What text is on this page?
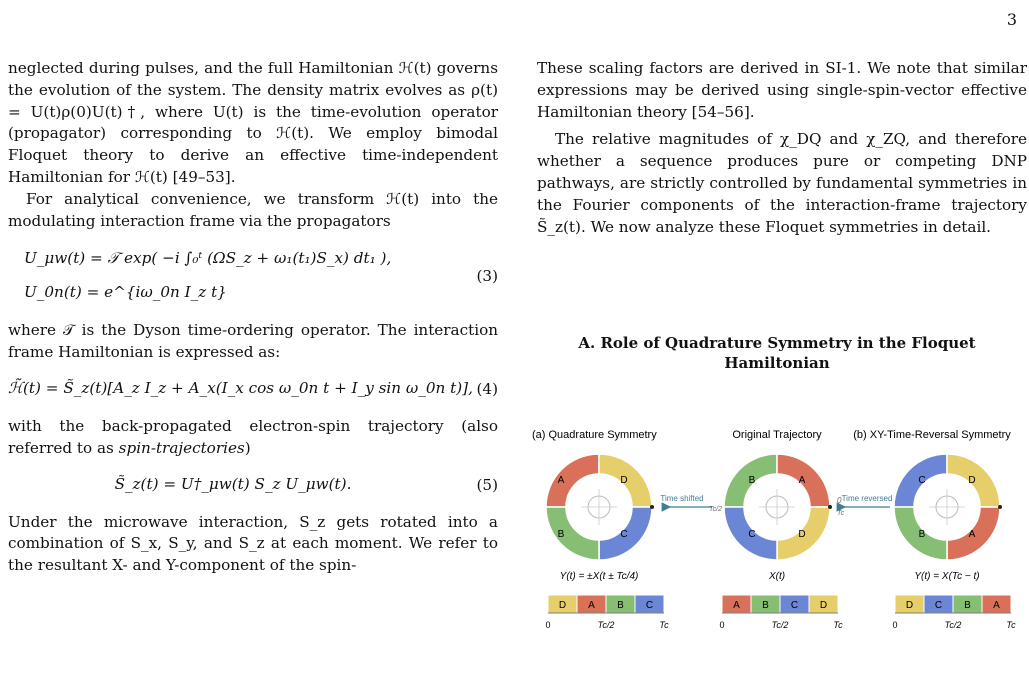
3

neglected during pulses, and the full Hamiltonian ℋ(t) governs the evolution of the system. The density matrix evolves as ρ(t) = U(t)ρ(0)U(t)†, where U(t) is the time-evolution operator (propagator) corresponding to ℋ(t). We employ bimodal Floquet theory to derive an effective time-independent Hamiltonian for ℋ(t) [49–53].

For analytical convenience, we transform ℋ(t) into the modulating interaction frame via the propagators

U_μw(t) = 𝒯 exp( −i ∫₀ᵗ (ΩS_z + ω₁(t₁)S_x) dt₁ ),
U_0n(t) = e^{iω_0n I_z t}
(3)

where 𝒯 is the Dyson time-ordering operator. The interaction frame Hamiltonian is expressed as:

ℋ̃(t) = S̃_z(t)[A_z I_z + A_x(I_x cos ω_0n t + I_y sin ω_0n t)], (4)

with the back-propagated electron-spin trajectory (also referred to as spin-trajectories)

S̃_z(t) = U†_μw(t) S_z U_μw(t).	(5)

Under the microwave interaction, S_z gets rotated into a combination of S_x, S_y, and S_z at each moment. We refer to the resultant X- and Y-component of the spin-

These scaling factors are derived in SI-1. We note that similar expressions may be derived using single-spin-vector effective Hamiltonian theory [54–56].

The relative magnitudes of χ_DQ and χ_ZQ, and therefore whether a sequence produces pure or competing DNP pathways, are strictly controlled by fundamental symmetries in the Fourier components of the interaction-frame trajectory S̃_z(t). We now analyze these Floquet symmetries in detail.

A. Role of Quadrature Symmetry in the Floquet Hamiltonian
(a) Quadrature Symmetry	Original Trajectory	(b) XY-Time-Reversal Symmetry
A	D
C
B
B	A
D
C
0
Tc
Tc/2
C	D
A
B
Time shifted	Time reversed
Y(t) = ±X(t ± Tc/4)	X(t)	Y(t) = X(Tc − t)
D A B C
0	Tc/2	Tc
A B C D
0	Tc/2	Tc
D C B A
0	Tc/2	Tc
